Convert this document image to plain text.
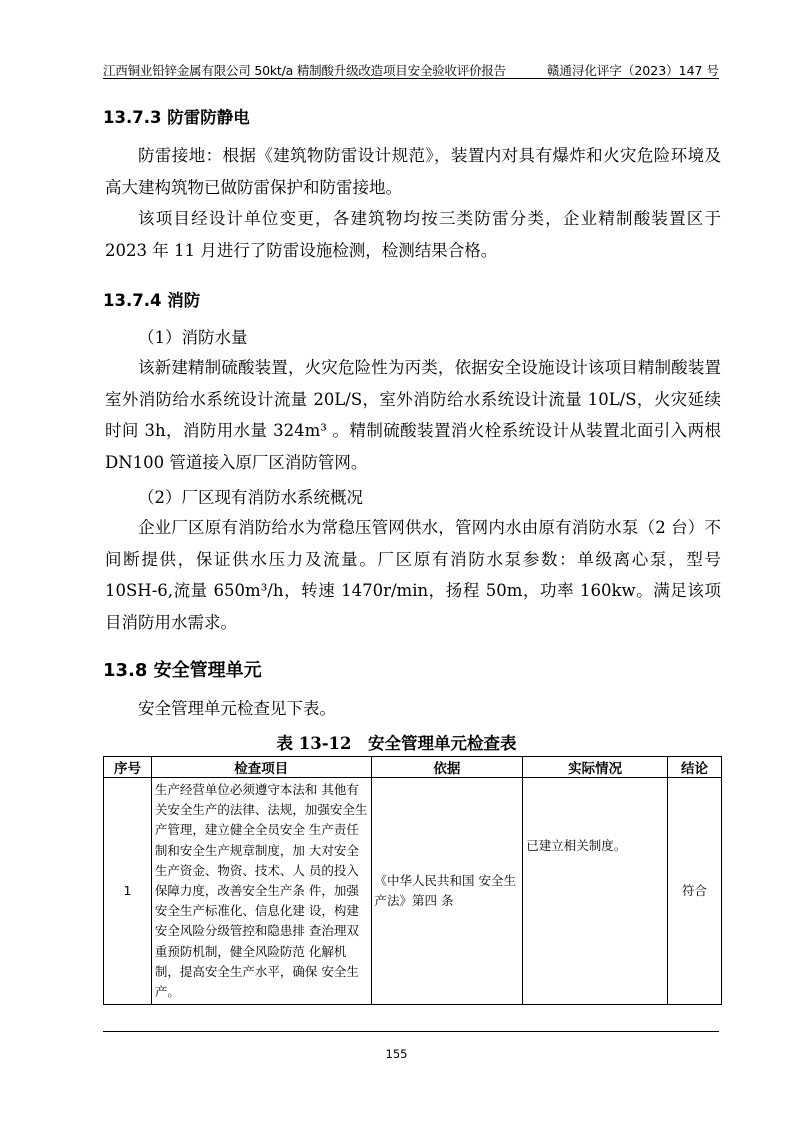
江西铜业铅锌金属有限公司 50kt/a 精制酸升级改造项目安全验收评价报告	赣通浔化评字（2023）147 号
13.7.3 防雷防静电
防雷接地：根据《建筑物防雷设计规范》，装置内对具有爆炸和火灾危险环境及高大建构筑物已做防雷保护和防雷接地。
该项目经设计单位变更，各建筑物均按三类防雷分类，企业精制酸装置区于 2023 年 11 月进行了防雷设施检测，检测结果合格。
13.7.4 消防
（1）消防水量
该新建精制硫酸装置，火灾危险性为丙类，依据安全设施设计该项目精制酸装置室外消防给水系统设计流量 20L/S，室外消防给水系统设计流量 10L/S，火灾延续时间 3h，消防用水量 324m³ 。精制硫酸装置消火栓系统设计从装置北面引入两根 DN100 管道接入原厂区消防管网。
（2）厂区现有消防水系统概况
企业厂区原有消防给水为常稳压管网供水，管网内水由原有消防水泵（2 台）不间断提供，保证供水压力及流量。厂区原有消防水泵参数：单级离心泵，型号 10SH-6,流量 650m³/h，转速 1470r/min，扬程 50m，功率 160kw。满足该项目消防用水需求。
13.8 安全管理单元
安全管理单元检查见下表。
表 13-12　安全管理单元检查表
序号	检查项目	依据	实际情况	结论
1	生产经营单位必须遵守本法和 其他有关安全生产的法律、法规，加强安全生产管理，建立健全全员安全 生产责任制和安全生产规章制度，加 大对安全生产资金、物资、技术、人 员的投入保障力度，改善安全生产条 件，加强安全生产标准化、信息化建 设，构建安全风险分级管控和隐患排 查治理双重预防机制，健全风险防范 化解机制，提高安全生产水平，确保 安全生产。	《中华人民共和国 安全生产法》第四 条	已建立相关制度。	符合
155
